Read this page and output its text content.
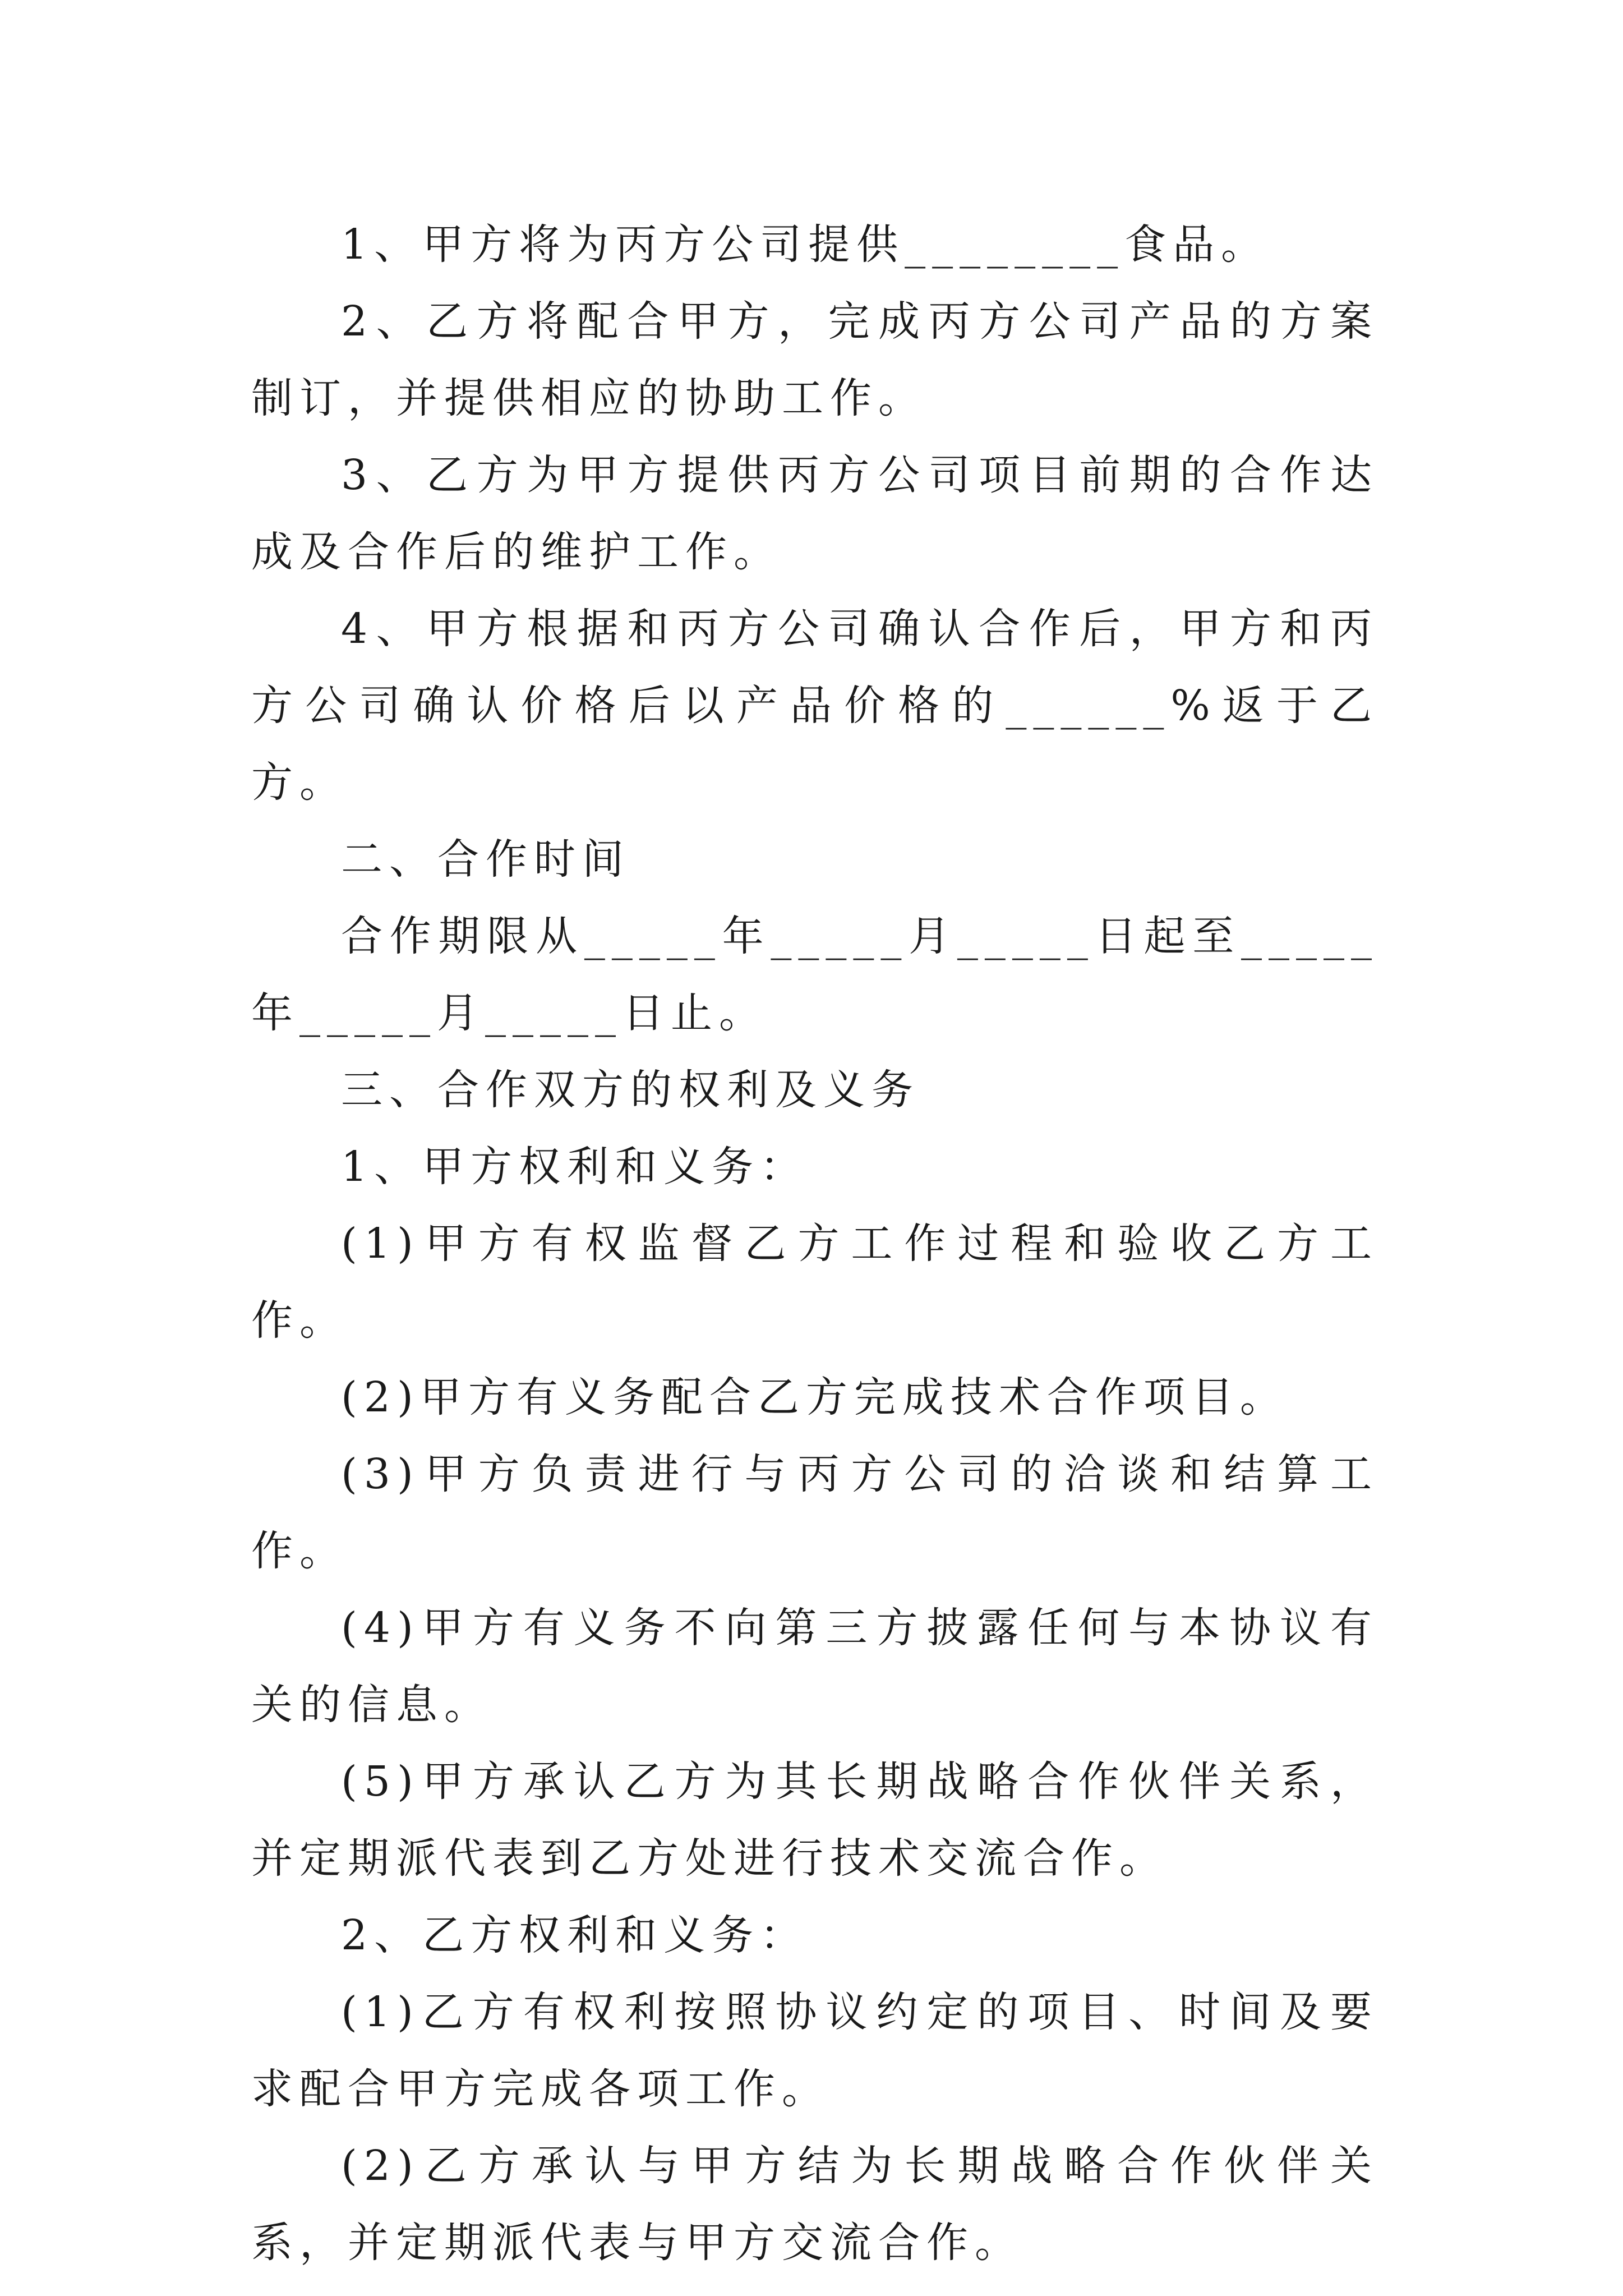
1、甲方将为丙方公司提供________食品。

2、乙方将配合甲方，完成丙方公司产品的方案制订，并提供相应的协助工作。

3、乙方为甲方提供丙方公司项目前期的合作达成及合作后的维护工作。

4、甲方根据和丙方公司确认合作后，甲方和丙方公司确认价格后以产品价格的______%返于乙方。

二、合作时间

合作期限从_____年_____月_____日起至_____年_____月_____日止。

三、合作双方的权利及义务

1、甲方权利和义务：

(1)甲方有权监督乙方工作过程和验收乙方工作。

(2)甲方有义务配合乙方完成技术合作项目。

(3)甲方负责进行与丙方公司的洽谈和结算工作。

(4)甲方有义务不向第三方披露任何与本协议有关的信息。

(5)甲方承认乙方为其长期战略合作伙伴关系，并定期派代表到乙方处进行技术交流合作。

2、乙方权利和义务：

(1)乙方有权利按照协议约定的项目、时间及要求配合甲方完成各项工作。

(2)乙方承认与甲方结为长期战略合作伙伴关系，并定期派代表与甲方交流合作。
